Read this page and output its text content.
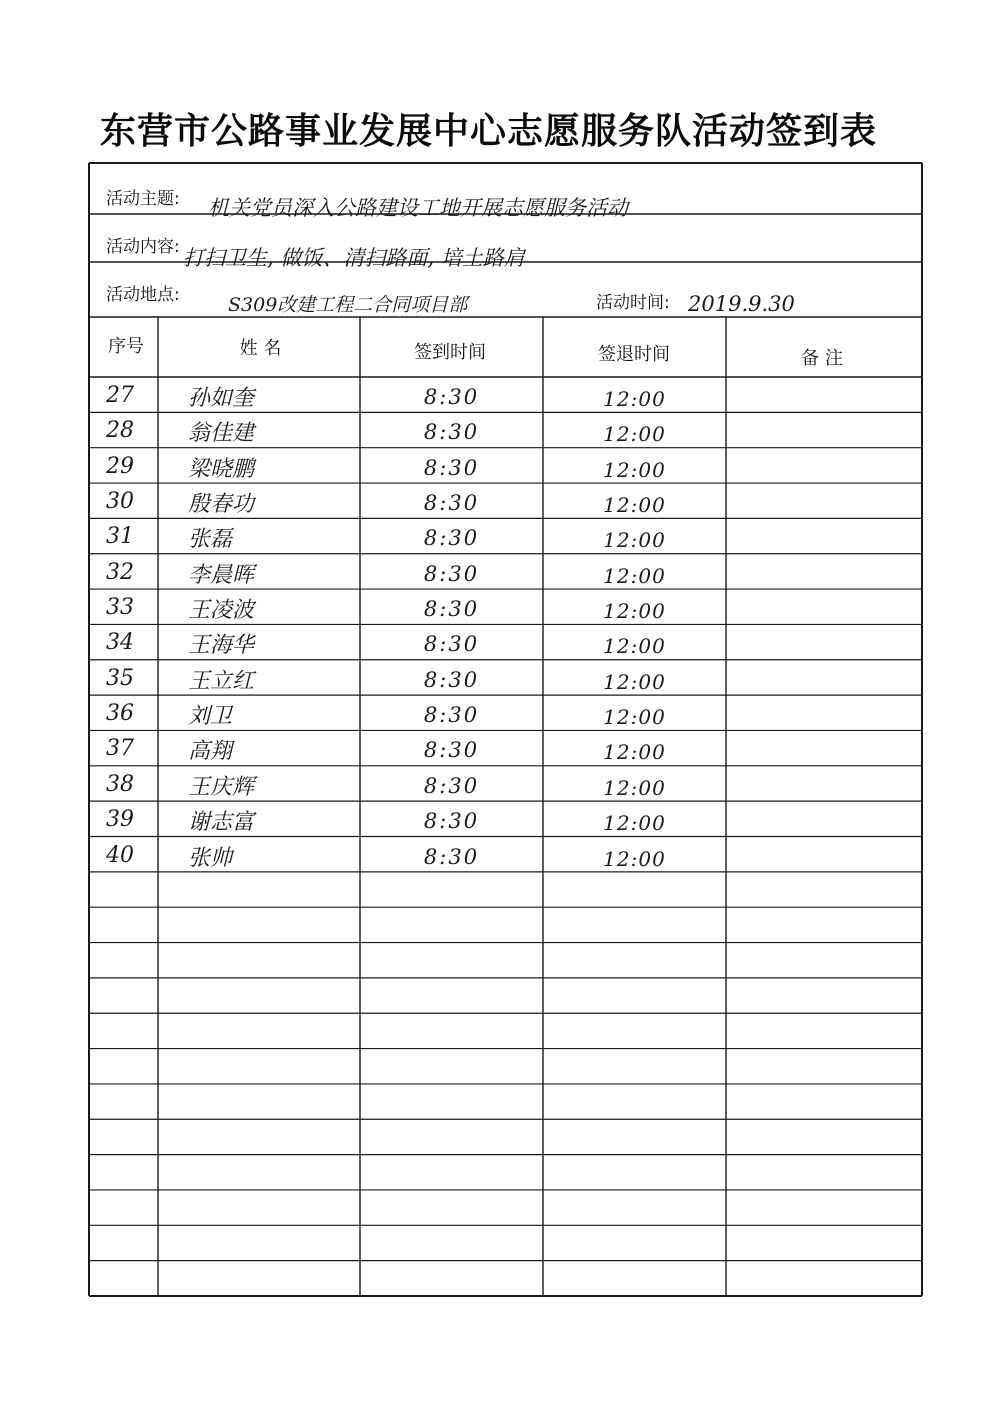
东营市公路事业发展中心志愿服务队活动签到表
活动主题: 机关党员深入公路建设工地开展志愿服务活动
活动内容: 打扫卫生, 做饭、清扫路面, 培土路肩
活动地点:	S309改建工程二合同项目部	活动时间: 2019.9.30
序号	姓 名	签到时间	签退时间	备 注
27 孙如奎	8:30	12:00
28 翁佳建	8:30	12:00
29 梁晓鹏	8:30	12:00
30 殷春功	8:30	12:00
31 张磊	8:30	12:00
32 李晨晖	8:30	12:00
33 王凌波	8:30	12:00
34 王海华	8:30	12:00
35 王立红	8:30	12:00
36 刘卫	8:30	12:00
37 高翔	8:30	12:00
38 王庆辉	8:30	12:00
39 谢志富	8:30	12:00
40 张帅	8:30	12:00
